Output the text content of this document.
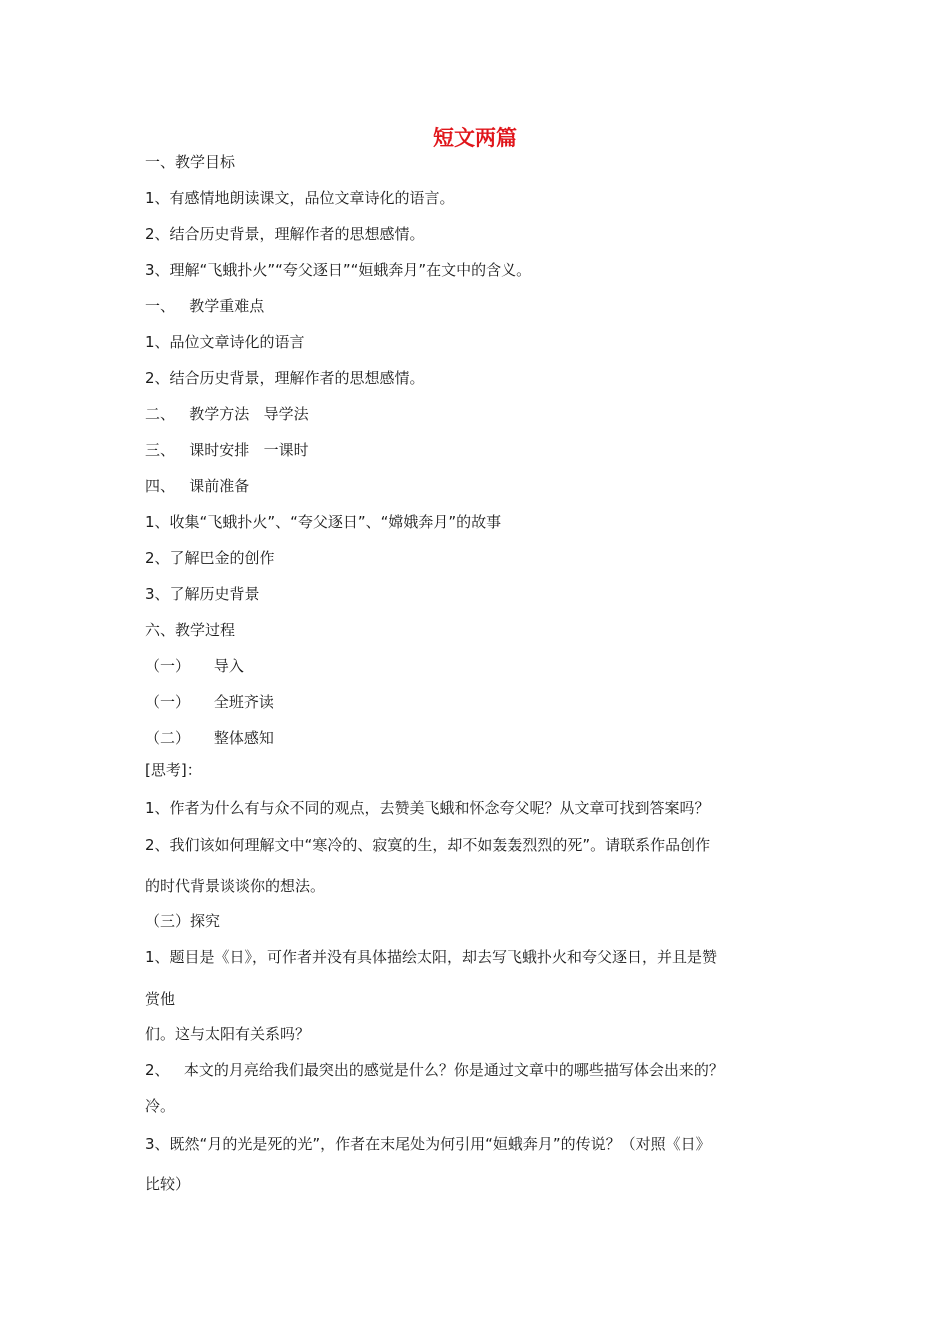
短文两篇
一、教学目标
1、有感情地朗读课文，品位文章诗化的语言。
2、结合历史背景，理解作者的思想感情。
3、理解“飞蛾扑火”“夸父逐日”“姮蛾奔月”在文中的含义。
一、   教学重难点
1、品位文章诗化的语言
2、结合历史背景，理解作者的思想感情。
二、   教学方法   导学法
三、   课时安排   一课时
四、   课前准备
1、收集“飞蛾扑火”、“夸父逐日”、“嫦娥奔月”的故事
2、了解巴金的创作
3、了解历史背景
六、教学过程
（一）     导入
（一）     全班齐读
（二）     整体感知
[思考]：
1、作者为什么有与众不同的观点，去赞美飞蛾和怀念夸父呢？从文章可找到答案吗？
2、我们该如何理解文中“寒冷的、寂寞的生，却不如轰轰烈烈的死”。请联系作品创作
的时代背景谈谈你的想法。
（三）探究
1、题目是《日》，可作者并没有具体描绘太阳，却去写飞蛾扑火和夸父逐日，并且是赞
赏他
们。这与太阳有关系吗？
2、   本文的月亮给我们最突出的感觉是什么？你是通过文章中的哪些描写体会出来的？
冷。
3、既然“月的光是死的光”，作者在末尾处为何引用“姮蛾奔月”的传说？（对照《日》
比较）
